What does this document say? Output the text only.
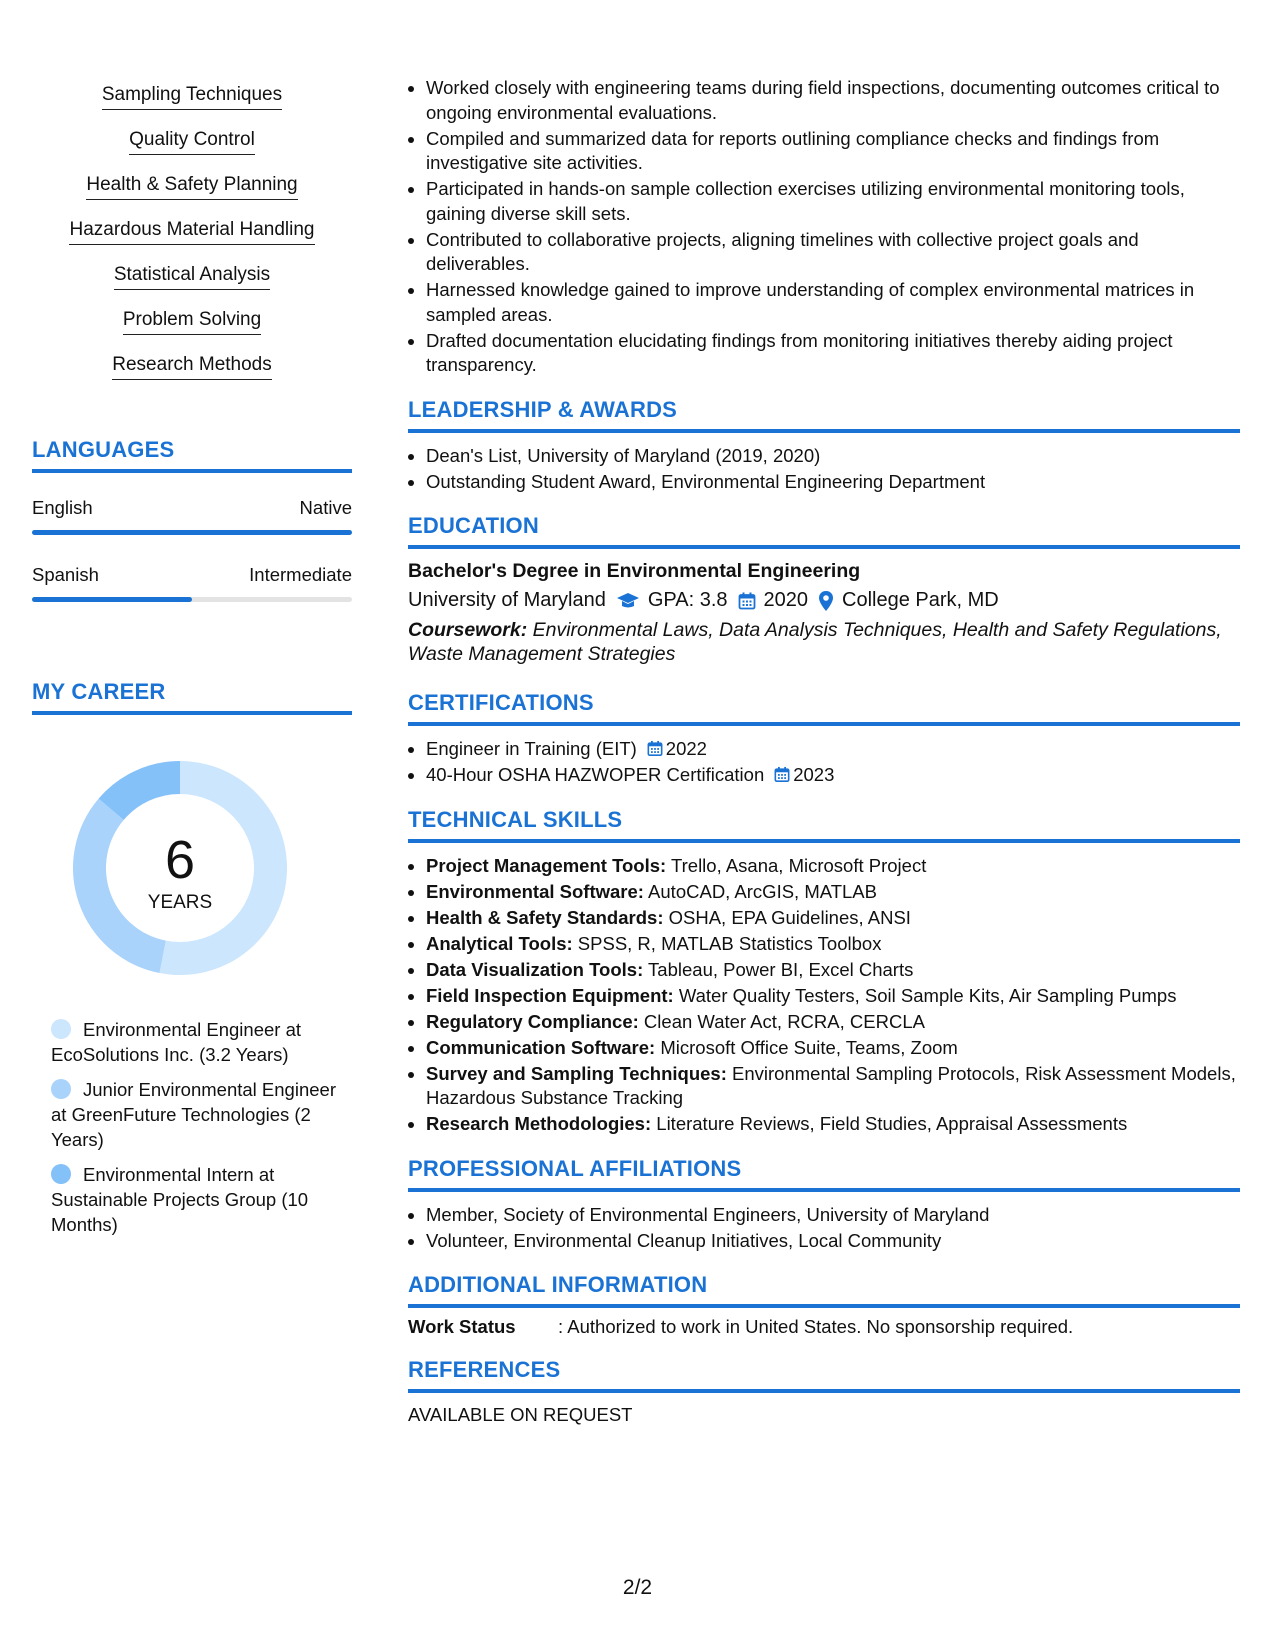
Sampling Techniques
Quality Control
Health & Safety Planning
Hazardous Material Handling
Statistical Analysis
Problem Solving
Research Methods
LANGUAGES
English	Native
Spanish	Intermediate
MY CAREER
6
YEARS
Environmental Engineer at EcoSolutions Inc. (3.2 Years)
Junior Environmental Engineer at GreenFuture Technologies (2 Years)
Environmental Intern at Sustainable Projects Group (10 Months)
• Worked closely with engineering teams during field inspections, documenting outcomes critical to ongoing environmental evaluations.
• Compiled and summarized data for reports outlining compliance checks and findings from investigative site activities.
• Participated in hands-on sample collection exercises utilizing environmental monitoring tools, gaining diverse skill sets.
• Contributed to collaborative projects, aligning timelines with collective project goals and deliverables.
• Harnessed knowledge gained to improve understanding of complex environmental matrices in sampled areas.
• Drafted documentation elucidating findings from monitoring initiatives thereby aiding project transparency.
LEADERSHIP & AWARDS
• Dean's List, University of Maryland (2019, 2020)
• Outstanding Student Award, Environmental Engineering Department
EDUCATION
Bachelor's Degree in Environmental Engineering
University of Maryland GPA: 3.8 2020 College Park, MD
Coursework: Environmental Laws, Data Analysis Techniques, Health and Safety Regulations, Waste Management Strategies
CERTIFICATIONS
• Engineer in Training (EIT) 2022
• 40-Hour OSHA HAZWOPER Certification 2023
TECHNICAL SKILLS
• Project Management Tools: Trello, Asana, Microsoft Project
• Environmental Software: AutoCAD, ArcGIS, MATLAB
• Health & Safety Standards: OSHA, EPA Guidelines, ANSI
• Analytical Tools: SPSS, R, MATLAB Statistics Toolbox
• Data Visualization Tools: Tableau, Power BI, Excel Charts
• Field Inspection Equipment: Water Quality Testers, Soil Sample Kits, Air Sampling Pumps
• Regulatory Compliance: Clean Water Act, RCRA, CERCLA
• Communication Software: Microsoft Office Suite, Teams, Zoom
• Survey and Sampling Techniques: Environmental Sampling Protocols, Risk Assessment Models, Hazardous Substance Tracking
• Research Methodologies: Literature Reviews, Field Studies, Appraisal Assessments
PROFESSIONAL AFFILIATIONS
• Member, Society of Environmental Engineers, University of Maryland
• Volunteer, Environmental Cleanup Initiatives, Local Community
ADDITIONAL INFORMATION
Work Status	: Authorized to work in United States. No sponsorship required.
REFERENCES
AVAILABLE ON REQUEST
2/2
